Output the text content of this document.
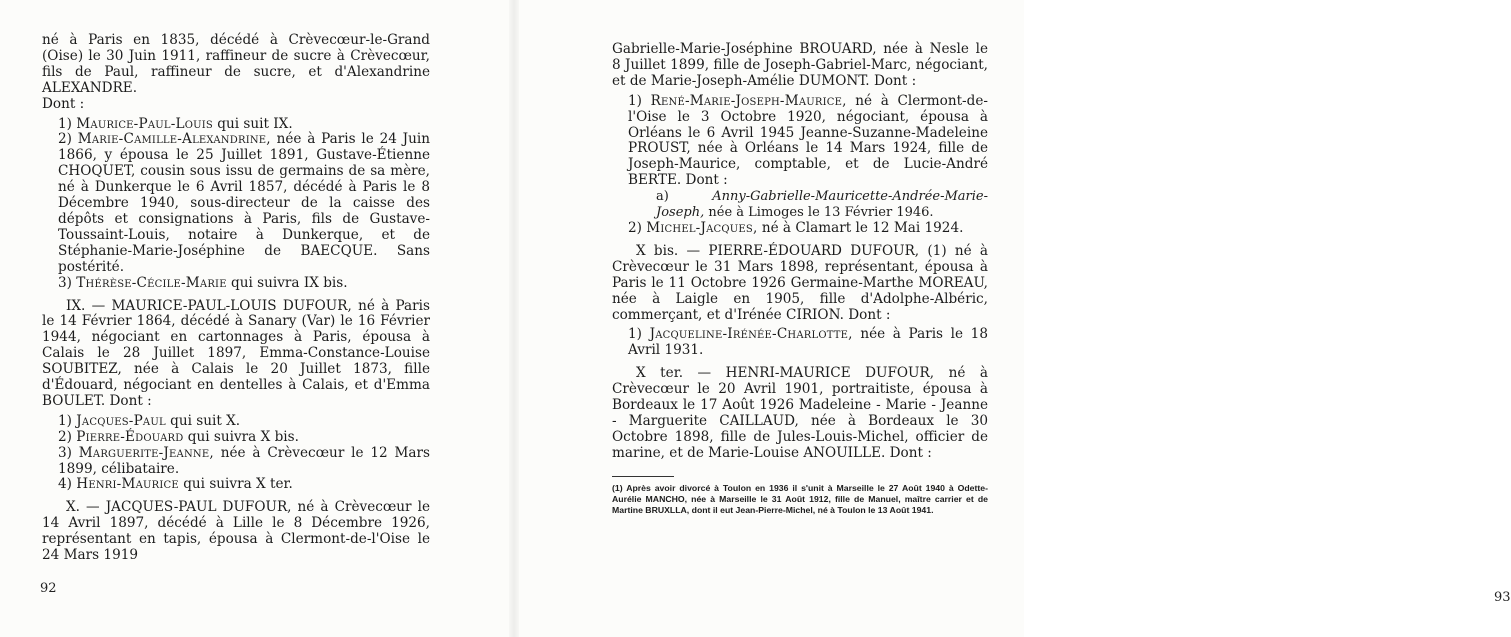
né à Paris en 1835, décédé à Crèvecœur-le-Grand (Oise) le 30 Juin 1911, raffineur de sucre à Crèvecœur, fils de Paul, raffineur de sucre, et d'Alexandrine ALEXANDRE.

Dont :

1) Maurice-Paul-Louis qui suit IX.

2) Marie-Camille-Alexandrine, née à Paris le 24 Juin 1866, y épousa le 25 Juillet 1891, Gustave-Étienne CHOQUET, cousin sous issu de germains de sa mère, né à Dunkerque le 6 Avril 1857, décédé à Paris le 8 Décembre 1940, sous-directeur de la caisse des dépôts et consignations à Paris, fils de Gustave-Toussaint-Louis, notaire à Dunkerque, et de Stéphanie-Marie-Joséphine de BAECQUE. Sans postérité.

3) Thérèse-Cécile-Marie qui suivra IX bis.

IX. — MAURICE-PAUL-LOUIS DUFOUR, né à Paris le 14 Février 1864, décédé à Sanary (Var) le 16 Février 1944, négociant en cartonnages à Paris, épousa à Calais le 28 Juillet 1897, Emma-Constance-Louise SOUBITEZ, née à Calais le 20 Juillet 1873, fille d'Édouard, négociant en dentelles à Calais, et d'Emma BOULET. Dont :

1) Jacques-Paul qui suit X.

2) Pierre-Édouard qui suivra X bis.

3) Marguerite-Jeanne, née à Crèvecœur le 12 Mars 1899, célibataire.

4) Henri-Maurice qui suivra X ter.

X. — JACQUES-PAUL DUFOUR, né à Crèvecœur le 14 Avril 1897, décédé à Lille le 8 Décembre 1926, représentant en tapis, épousa à Clermont-de-l'Oise le 24 Mars 1919

92

Gabrielle-Marie-Joséphine BROUARD, née à Nesle le 8 Juillet 1899, fille de Joseph-Gabriel-Marc, négociant, et de Marie-Joseph-Amélie DUMONT. Dont :

1) René-Marie-Joseph-Maurice, né à Clermont-de-l'Oise le 3 Octobre 1920, négociant, épousa à Orléans le 6 Avril 1945 Jeanne-Suzanne-Madeleine PROUST, née à Orléans le 14 Mars 1924, fille de Joseph-Maurice, comptable, et de Lucie-André BERTE. Dont :

a)	Anny-Gabrielle-Mauricette-Andrée-Marie-Joseph, née à Limoges le 13 Février 1946.

2) Michel-Jacques, né à Clamart le 12 Mai 1924.

X bis. — PIERRE-ÉDOUARD DUFOUR, (1) né à Crèvecœur le 31 Mars 1898, représentant, épousa à Paris le 11 Octobre 1926 Germaine-Marthe MOREAU, née à Laigle en 1905, fille d'Adolphe-Albéric, commerçant, et d'Irénée CIRION. Dont :

1) Jacqueline-Irénée-Charlotte, née à Paris le 18 Avril 1931.

X ter. — HENRI-MAURICE DUFOUR, né à Crèvecœur le 20 Avril 1901, portraitiste, épousa à Bordeaux le 17 Août 1926 Madeleine - Marie - Jeanne - Marguerite CAILLAUD, née à Bordeaux le 30 Octobre 1898, fille de Jules-Louis-Michel, officier de marine, et de Marie-Louise ANOUILLE. Dont :

(1) Après avoir divorcé à Toulon en 1936 il s'unit à Marseille le 27 Août 1940 à Odette-Aurélie MANCHO, née à Marseille le 31 Août 1912, fille de Manuel, maître carrier et de Martine BRUXLLA, dont il eut Jean-Pierre-Michel, né à Toulon le 13 Août 1941.

93
